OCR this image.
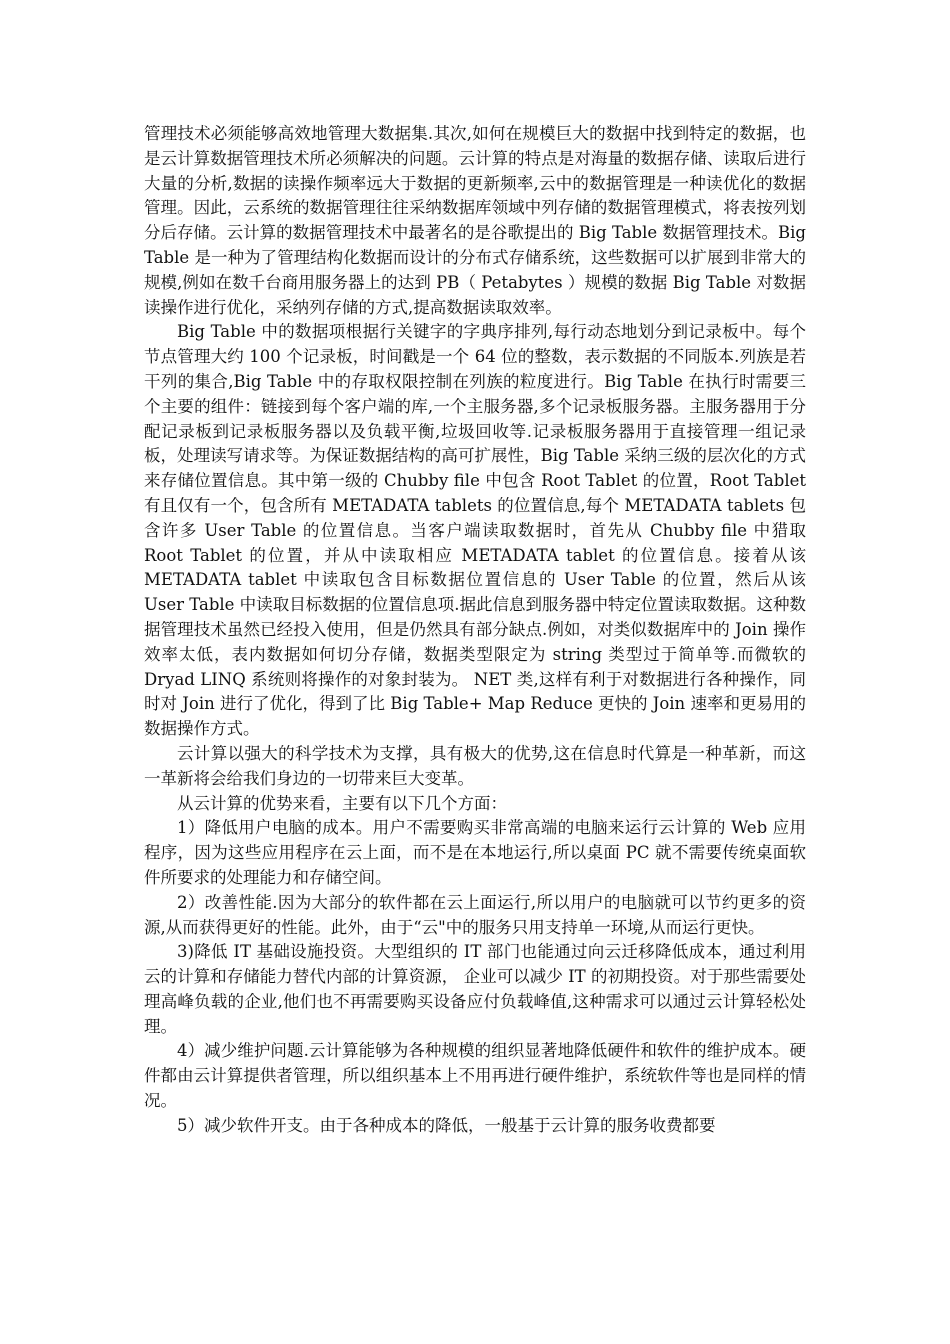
管理技术必须能够高效地管理大数据集.其次,如何在规模巨大的数据中找到特定的数据，也是云计算数据管理技术所必须解决的问题。云计算的特点是对海量的数据存储、读取后进行大量的分析,数据的读操作频率远大于数据的更新频率,云中的数据管理是一种读优化的数据管理。因此，云系统的数据管理往往采纳数据库领域中列存储的数据管理模式，将表按列划分后存储。云计算的数据管理技术中最著名的是谷歌提出的 Big Table 数据管理技术。Big Table 是一种为了管理结构化数据而设计的分布式存储系统，这些数据可以扩展到非常大的规模,例如在数千台商用服务器上的达到 PB（ Petabytes ）规模的数据 Big Table 对数据读操作进行优化，采纳列存储的方式,提高数据读取效率。

Big Table 中的数据项根据行关键字的字典序排列,每行动态地划分到记录板中。每个节点管理大约 100 个记录板，时间戳是一个 64 位的整数，表示数据的不同版本.列族是若干列的集合,Big Table 中的存取权限控制在列族的粒度进行。Big Table 在执行时需要三个主要的组件：链接到每个客户端的库,一个主服务器,多个记录板服务器。主服务器用于分配记录板到记录板服务器以及负载平衡,垃圾回收等.记录板服务器用于直接管理一组记录板，处理读写请求等。为保证数据结构的高可扩展性，Big Table 采纳三级的层次化的方式来存储位置信息。其中第一级的 Chubby file 中包含 Root Tablet 的位置，Root Tablet 有且仅有一个，包含所有 METADATA tablets 的位置信息,每个 METADATA tablets 包含许多 User Table 的位置信息。当客户端读取数据时，首先从 Chubby file 中猎取 Root Tablet 的位置，并从中读取相应 METADATA tablet 的位置信息。接着从该 METADATA tablet 中读取包含目标数据位置信息的 User Table 的位置，然后从该 User Table 中读取目标数据的位置信息项.据此信息到服务器中特定位置读取数据。这种数据管理技术虽然已经投入使用，但是仍然具有部分缺点.例如，对类似数据库中的 Join 操作效率太低，表内数据如何切分存储，数据类型限定为 string 类型过于简单等.而微软的 Dryad LINQ 系统则将操作的对象封装为。 NET 类,这样有利于对数据进行各种操作，同时对 Join 进行了优化，得到了比 Big Table+ Map Reduce 更快的 Join 速率和更易用的数据操作方式。

云计算以强大的科学技术为支撑，具有极大的优势,这在信息时代算是一种革新，而这一革新将会给我们身边的一切带来巨大变革。

从云计算的优势来看，主要有以下几个方面：

1）降低用户电脑的成本。用户不需要购买非常高端的电脑来运行云计算的 Web 应用程序，因为这些应用程序在云上面，而不是在本地运行,所以桌面 PC 就不需要传统桌面软件所要求的处理能力和存储空间。

2）改善性能.因为大部分的软件都在云上面运行,所以用户的电脑就可以节约更多的资源,从而获得更好的性能。此外，由于“云"中的服务只用支持单一环境,从而运行更快。

3)降低 IT 基础设施投资。大型组织的 IT 部门也能通过向云迁移降低成本，通过利用云的计算和存储能力替代内部的计算资源， 企业可以减少 IT 的初期投资。对于那些需要处理高峰负载的企业,他们也不再需要购买设备应付负载峰值,这种需求可以通过云计算轻松处理。

4）减少维护问题.云计算能够为各种规模的组织显著地降低硬件和软件的维护成本。硬件都由云计算提供者管理，所以组织基本上不用再进行硬件维护，系统软件等也是同样的情况。

5）减少软件开支。由于各种成本的降低，一般基于云计算的服务收费都要
